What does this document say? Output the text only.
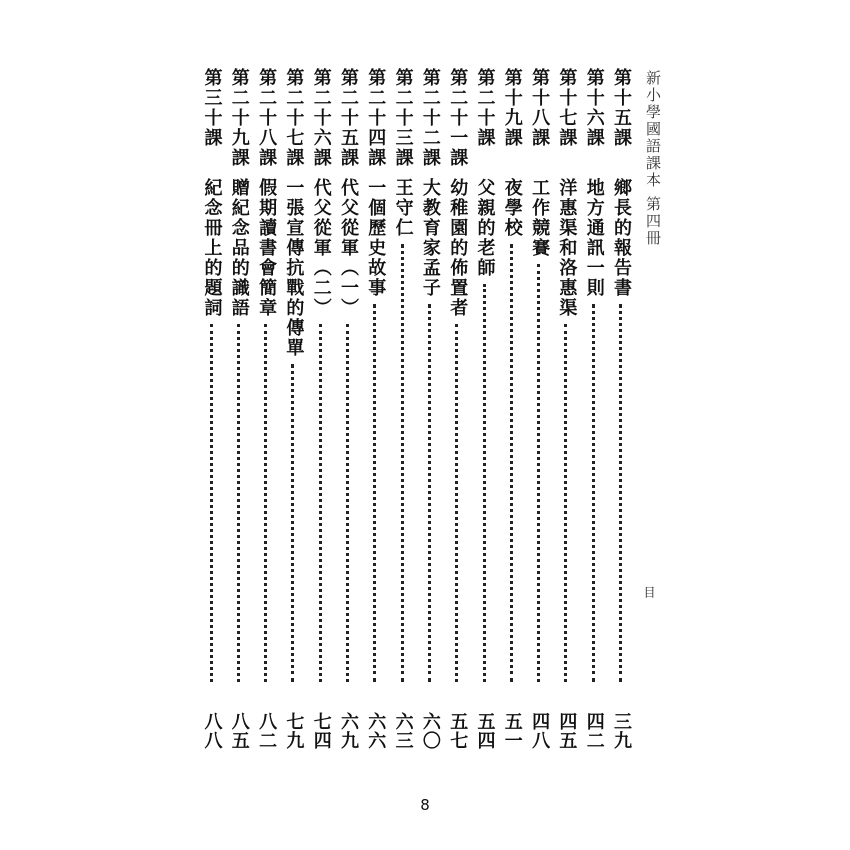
新小學國語課本 第四冊
目
第十五課
鄉長的報告書
三九
第十六課
地方通訊一則
四二
第十七課
洋惠渠和洛惠渠
四五
第十八課
工作競賽
四八
第十九課
夜學校
五一
第二十課
父親的老師
五四
第二十一課
幼稚園的佈置者
五七
第二十二課
大教育家孟子
六〇
第二十三課
王守仁
六三
第二十四課
一個歷史故事
六六
第二十五課
代父從軍（一）
六九
第二十六課
代父從軍（二）
七四
第二十七課
一張宣傳抗戰的傳單
七九
第二十八課
假期讀書會簡章
八二
第二十九課
贈紀念品的識語
八五
第三十課
紀念冊上的題詞
八八
8
